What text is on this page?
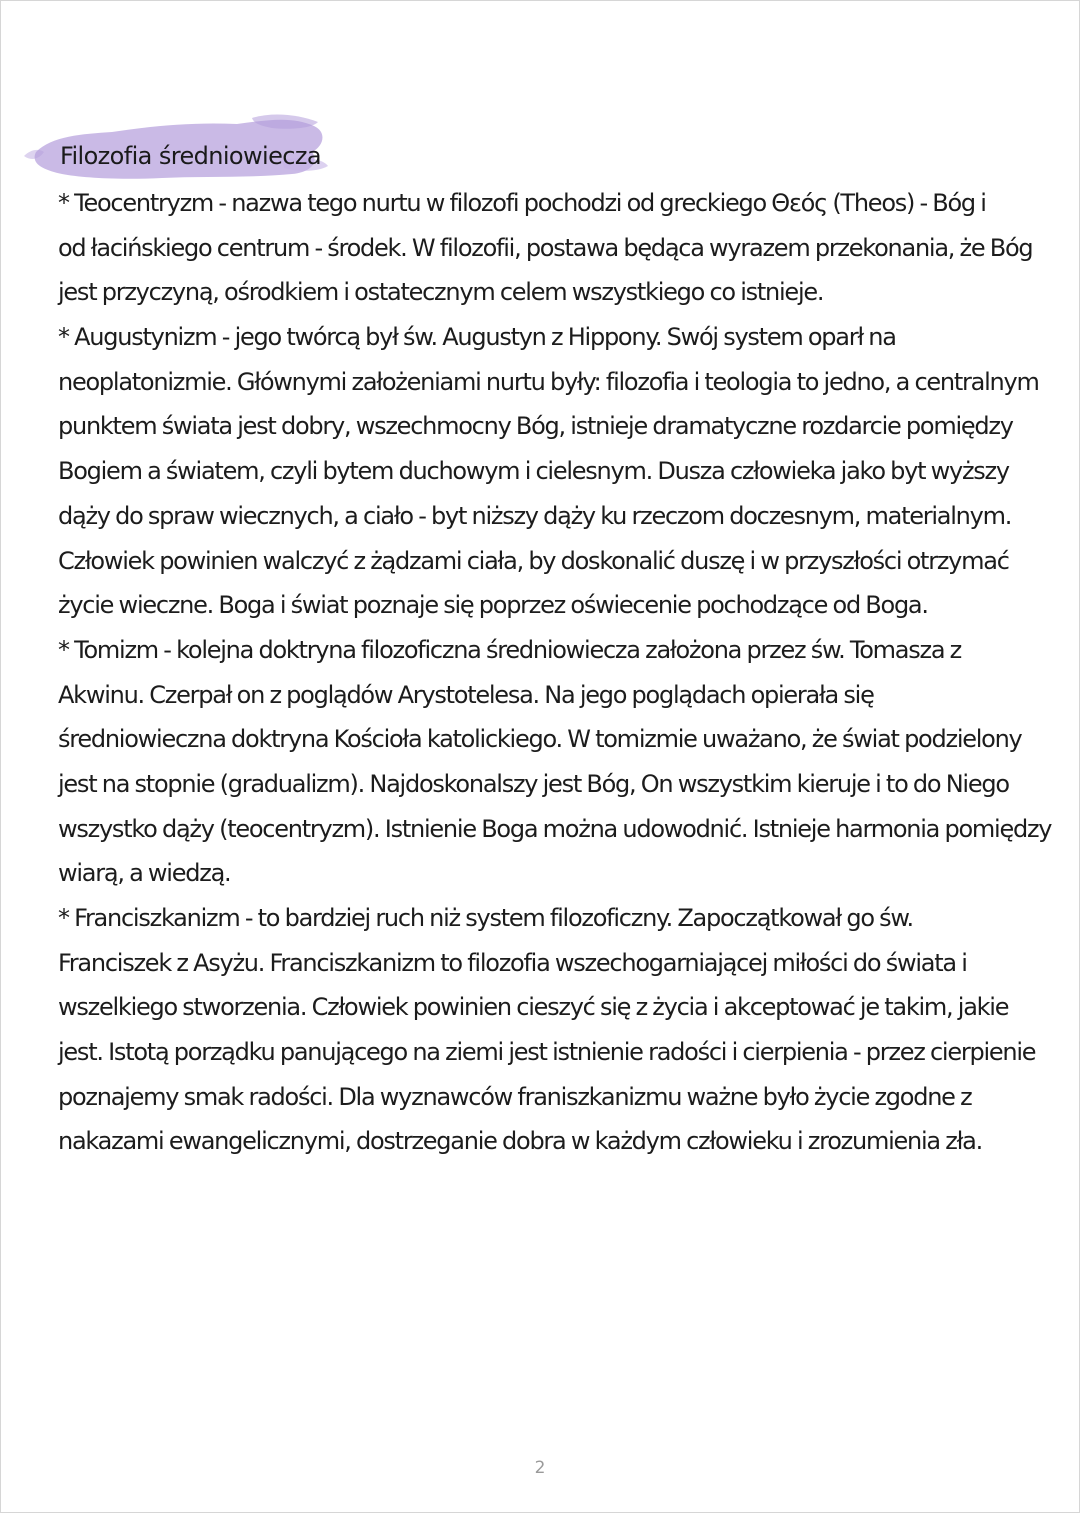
Filozofia średniowiecza
* Teocentryzm - nazwa tego nurtu w filozofi pochodzi od greckiego Θεός (Theos) - Bóg i
od łacińskiego centrum - środek. W filozofii, postawa będąca wyrazem przekonania, że Bóg
jest przyczyną, ośrodkiem i ostatecznym celem wszystkiego co istnieje.
* Augustynizm - jego twórcą był św. Augustyn z Hippony. Swój system oparł na
neoplatonizmie. Głównymi założeniami nurtu były: filozofia i teologia to jedno, a centralnym
punktem świata jest dobry, wszechmocny Bóg, istnieje dramatyczne rozdarcie pomiędzy
Bogiem a światem, czyli bytem duchowym i cielesnym. Dusza człowieka jako byt wyższy
dąży do spraw wiecznych, a ciało - byt niższy dąży ku rzeczom doczesnym, materialnym.
Człowiek powinien walczyć z żądzami ciała, by doskonalić duszę i w przyszłości otrzymać
życie wieczne. Boga i świat poznaje się poprzez oświecenie pochodzące od Boga.
* Tomizm - kolejna doktryna filozoficzna średniowiecza założona przez św. Tomasza z
Akwinu. Czerpał on z poglądów Arystotelesa. Na jego poglądach opierała się
średniowieczna doktryna Kościoła katolickiego. W tomizmie uważano, że świat podzielony
jest na stopnie (gradualizm). Najdoskonalszy jest Bóg, On wszystkim kieruje i to do Niego
wszystko dąży (teocentryzm). Istnienie Boga można udowodnić. Istnieje harmonia pomiędzy
wiarą, a wiedzą.
* Franciszkanizm - to bardziej ruch niż system filozoficzny. Zapoczątkował go św.
Franciszek z Asyżu. Franciszkanizm to filozofia wszechogarniającej miłości do świata i
wszelkiego stworzenia. Człowiek powinien cieszyć się z życia i akceptować je takim, jakie
jest. Istotą porządku panującego na ziemi jest istnienie radości i cierpienia - przez cierpienie
poznajemy smak radości. Dla wyznawców franiszkanizmu ważne było życie zgodne z
nakazami ewangelicznymi, dostrzeganie dobra w każdym człowieku i zrozumienia zła.
2
